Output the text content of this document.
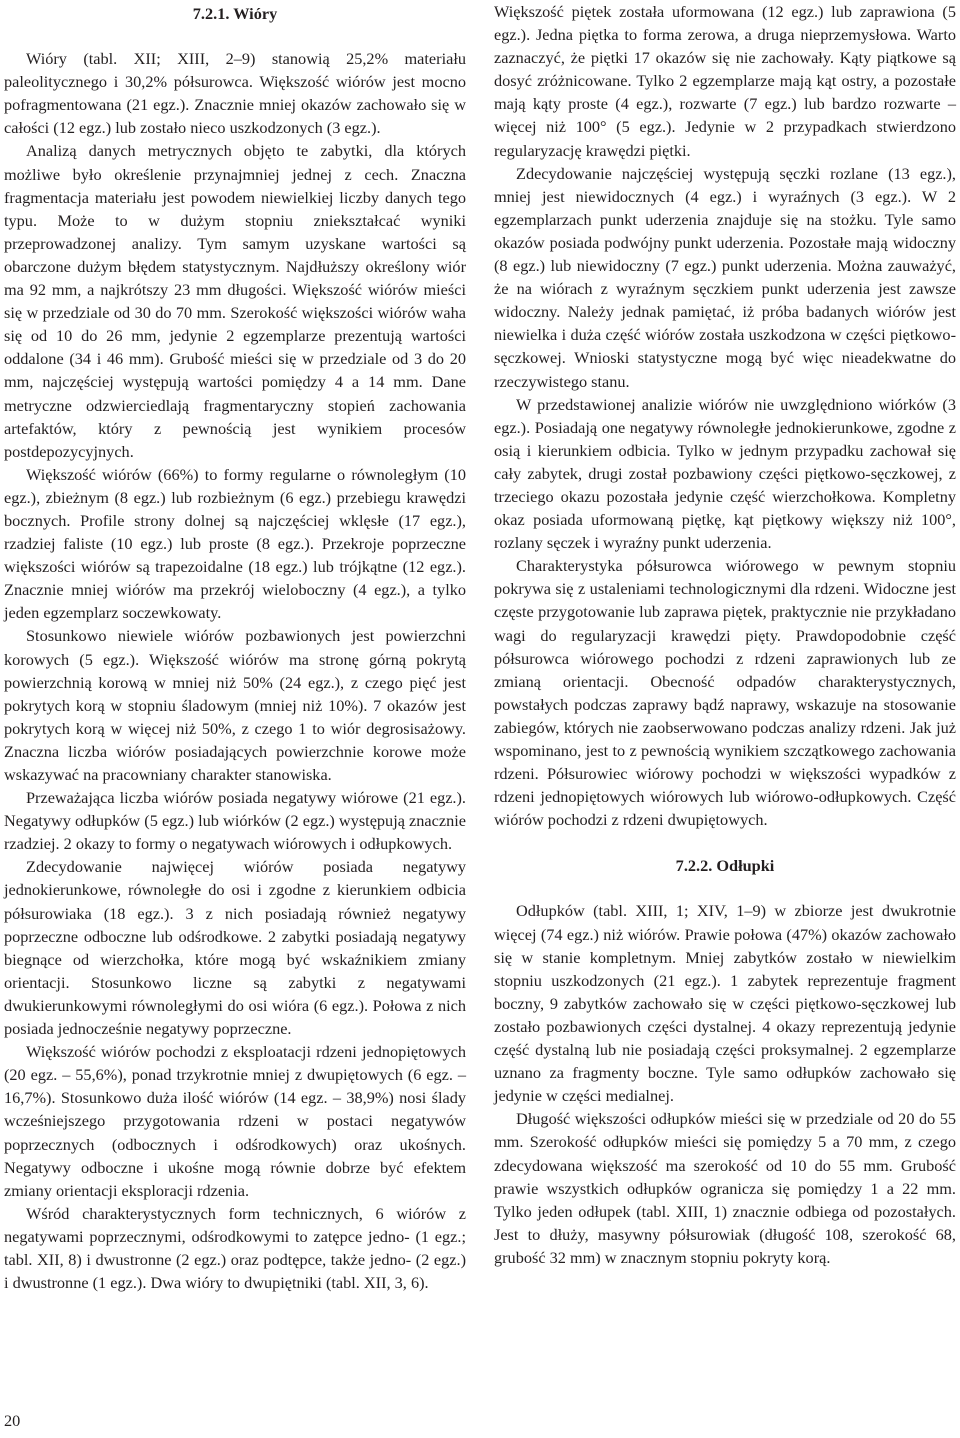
7.2.1. Wióry

Wióry (tabl. XII; XIII, 2–9) stanowią 25,2% materiału paleolitycznego i 30,2% półsurowca. Większość wiórów jest mocno pofragmentowana (21 egz.). Znacznie mniej okazów zachowało się w całości (12 egz.) lub zostało nieco uszkodzonych (3 egz.).

Analizą danych metrycznych objęto te zabytki, dla których możliwe było określenie przynajmniej jednej z cech. Znaczna fragmentacja materiału jest powodem niewielkiej liczby danych tego typu. Może to w dużym stopniu zniekształcać wyniki przeprowadzonej analizy. Tym samym uzyskane wartości są obarczone dużym błędem statystycznym. Najdłuższy określony wiór ma 92 mm, a najkrótszy 23 mm długości. Większość wiórów mieści się w przedziale od 30 do 70 mm. Szerokość większości wiórów waha się od 10 do 26 mm, jedynie 2 egzemplarze prezentują wartości oddalone (34 i 46 mm). Grubość mieści się w przedziale od 3 do 20 mm, najczęściej występują wartości pomiędzy 4 a 14 mm. Dane metryczne odzwierciedlają fragmentaryczny stopień zachowania artefaktów, który z pewnością jest wynikiem procesów postdepozycyjnych.

Większość wiórów (66%) to formy regularne o równoległym (10 egz.), zbieżnym (8 egz.) lub rozbieżnym (6 egz.) przebiegu krawędzi bocznych. Profile strony dolnej są najczęściej wklęsłe (17 egz.), rzadziej faliste (10 egz.) lub proste (8 egz.). Przekroje poprzeczne większości wiórów są trapezoidalne (18 egz.) lub trójkątne (12 egz.). Znacznie mniej wiórów ma przekrój wieloboczny (4 egz.), a tylko jeden egzemplarz soczewkowaty.

Stosunkowo niewiele wiórów pozbawionych jest powierzchni korowych (5 egz.). Większość wiórów ma stronę górną pokrytą powierzchnią korową w mniej niż 50% (24 egz.), z czego pięć jest pokrytych korą w stopniu śladowym (mniej niż 10%). 7 okazów jest pokrytych korą w więcej niż 50%, z czego 1 to wiór degrosisażowy. Znaczna liczba wiórów posiadających powierzchnie korowe może wskazywać na pracowniany charakter stanowiska.

Przeważająca liczba wiórów posiada negatywy wiórowe (21 egz.). Negatywy odłupków (5 egz.) lub wiórków (2 egz.) występują znacznie rzadziej. 2 okazy to formy o negatywach wiórowych i odłupkowych.

Zdecydowanie najwięcej wiórów posiada negatywy jednokierunkowe, równoległe do osi i zgodne z kierunkiem odbicia półsurowiaka (18 egz.). 3 z nich posiadają również negatywy poprzeczne odboczne lub odśrodkowe. 2 zabytki posiadają negatywy biegnące od wierzchołka, które mogą być wskaźnikiem zmiany orientacji. Stosunkowo liczne są zabytki z negatywami dwukierunkowymi równoległymi do osi wióra (6 egz.). Połowa z nich posiada jednocześnie negatywy poprzeczne.

Większość wiórów pochodzi z eksploatacji rdzeni jednopiętowych (20 egz. – 55,6%), ponad trzykrotnie mniej z dwupiętowych (6 egz. – 16,7%). Stosunkowo duża ilość wiórów (14 egz. – 38,9%) nosi ślady wcześniejszego przygotowania rdzeni w postaci negatywów poprzecznych (odbocznych i odśrodkowych) oraz ukośnych. Negatywy odboczne i ukośne mogą równie dobrze być efektem zmiany orientacji eksploracji rdzenia.

Wśród charakterystycznych form technicznych, 6 wiórów z negatywami poprzecznymi, odśrodkowymi to zatępce jedno- (1 egz.; tabl. XII, 8) i dwustronne (2 egz.) oraz podtępce, także jedno- (2 egz.) i dwustronne (1 egz.). Dwa wióry to dwupiętniki (tabl. XII, 3, 6).

Większość piętek została uformowana (12 egz.) lub zaprawiona (5 egz.). Jedna piętka to forma zerowa, a druga nieprzemysłowa. Warto zaznaczyć, że piętki 17 okazów się nie zachowały. Kąty piątkowe są dosyć zróżnicowane. Tylko 2 egzemplarze mają kąt ostry, a pozostałe mają kąty proste (4 egz.), rozwarte (7 egz.) lub bardzo rozwarte – więcej niż 100° (5 egz.). Jedynie w 2 przypadkach stwierdzono regularyzację krawędzi piętki.

Zdecydowanie najczęściej występują sęczki rozlane (13 egz.), mniej jest niewidocznych (4 egz.) i wyraźnych (3 egz.). W 2 egzemplarzach punkt uderzenia znajduje się na stożku. Tyle samo okazów posiada podwójny punkt uderzenia. Pozostałe mają widoczny (8 egz.) lub niewidoczny (7 egz.) punkt uderzenia. Można zauważyć, że na wiórach z wyraźnym sęczkiem punkt uderzenia jest zawsze widoczny. Należy jednak pamiętać, iż próba badanych wiórów jest niewielka i duża część wiórów została uszkodzona w części piętkowo-sęczkowej. Wnioski statystyczne mogą być więc nieadekwatne do rzeczywistego stanu.

W przedstawionej analizie wiórów nie uwzględniono wiórków (3 egz.). Posiadają one negatywy równoległe jednokierunkowe, zgodne z osią i kierunkiem odbicia. Tylko w jednym przypadku zachował się cały zabytek, drugi został pozbawiony części piętkowo-sęczkowej, z trzeciego okazu pozostała jedynie część wierzchołkowa. Kompletny okaz posiada uformowaną piętkę, kąt piętkowy większy niż 100°, rozlany sęczek i wyraźny punkt uderzenia.

Charakterystyka półsurowca wiórowego w pewnym stopniu pokrywa się z ustaleniami technologicznymi dla rdzeni. Widoczne jest częste przygotowanie lub zaprawa piętek, praktycznie nie przykładano wagi do regularyzacji krawędzi pięty. Prawdopodobnie część półsurowca wiórowego pochodzi z rdzeni zaprawionych lub ze zmianą orientacji. Obecność odpadów charakterystycznych, powstałych podczas zaprawy bądź naprawy, wskazuje na stosowanie zabiegów, których nie zaobserwowano podczas analizy rdzeni. Jak już wspominano, jest to z pewnością wynikiem szczątkowego zachowania rdzeni. Półsurowiec wiórowy pochodzi w większości wypadków z rdzeni jednopiętowych wiórowych lub wiórowo-odłupkowych. Część wiórów pochodzi z rdzeni dwupiętowych.

7.2.2. Odłupki

Odłupków (tabl. XIII, 1; XIV, 1–9) w zbiorze jest dwukrotnie więcej (74 egz.) niż wiórów. Prawie połowa (47%) okazów zachowało się w stanie kompletnym. Mniej zabytków zostało w niewielkim stopniu uszkodzonych (21 egz.). 1 zabytek reprezentuje fragment boczny, 9 zabytków zachowało się w części piętkowo-sęczkowej lub zostało pozbawionych części dystalnej. 4 okazy reprezentują jedynie część dystalną lub nie posiadają części proksymalnej. 2 egzemplarze uznano za fragmenty boczne. Tyle samo odłupków zachowało się jedynie w części medialnej.

Długość większości odłupków mieści się w przedziale od 20 do 55 mm. Szerokość odłupków mieści się pomiędzy 5 a 70 mm, z czego zdecydowana większość ma szerokość od 10 do 55 mm. Grubość prawie wszystkich odłupków ogranicza się pomiędzy 1 a 22 mm. Tylko jeden odłupek (tabl. XIII, 1) znacznie odbiega od pozostałych. Jest to dłuży, masywny półsurowiak (długość 108, szerokość 68, grubość 32 mm) w znacznym stopniu pokryty korą.

20
